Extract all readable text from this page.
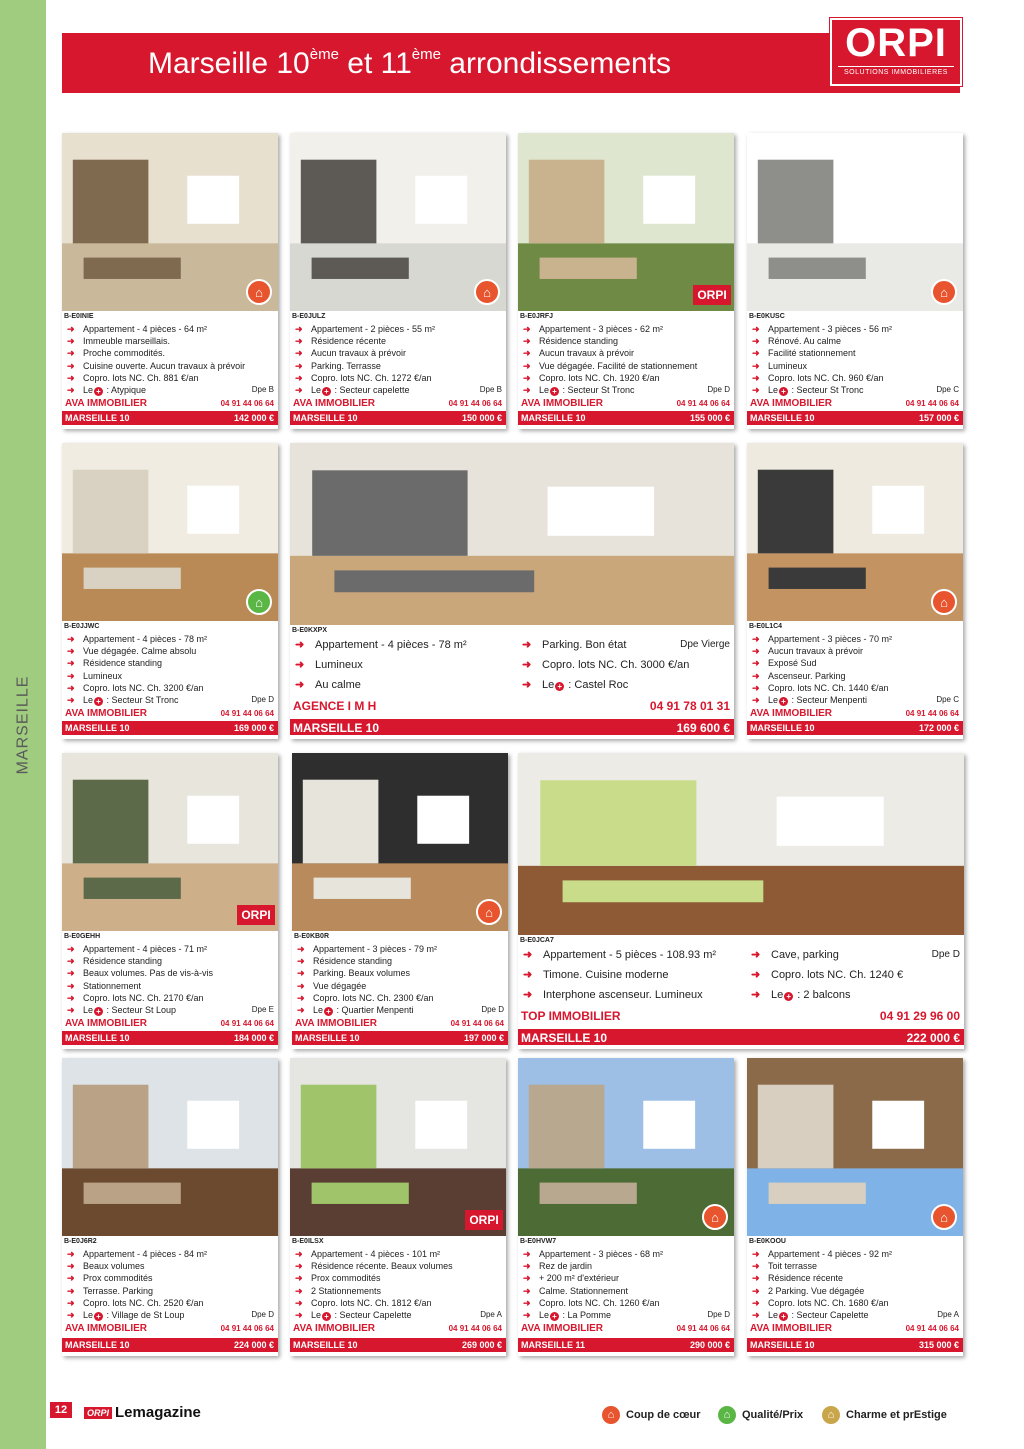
MARSEILLE
Marseille 10ème et 11ème arrondissements	ORPI
SOLUTIONS IMMOBILIERES
⌂
B-E0INIE
➜ Appartement - 4 pièces - 64 m²
➜ Immeuble marseillais.
➜ Proche commodités.
➜ Cuisine ouverte. Aucun travaux à prévoir
➜ Copro. lots NC. Ch. 881 €/an
➜ Le + : Atypique	Dpe B
AVA IMMOBILIER	04 91 44 06 64
MARSEILLE 10	142 000 €
⌂
B-E0JULZ
➜ Appartement - 2 pièces - 55 m²
➜ Résidence récente
➜ Aucun travaux à prévoir
➜ Parking. Terrasse
➜ Copro. lots NC. Ch. 1272 €/an
➜ Le + : Secteur capelette	Dpe B
AVA IMMOBILIER	04 91 44 06 64
MARSEILLE 10	150 000 €
ORPI
B-E0JRFJ
➜ Appartement - 3 pièces - 62 m²
➜ Résidence standing
➜ Aucun travaux à prévoir
➜ Vue dégagée. Facilité de stationnement
➜ Copro. lots NC. Ch. 1920 €/an
➜ Le + : Secteur St Tronc	Dpe D
AVA IMMOBILIER	04 91 44 06 64
MARSEILLE 10	155 000 €
⌂
B-E0KUSC
➜ Appartement - 3 pièces - 56 m²
➜ Rénové. Au calme
➜ Facilité stationnement
➜ Lumineux
➜ Copro. lots NC. Ch. 960 €/an
➜ Le + : Secteur St Tronc	Dpe C
AVA IMMOBILIER	04 91 44 06 64
MARSEILLE 10	157 000 €
⌂
B-E0JJWC
➜ Appartement - 4 pièces - 78 m²
➜ Vue dégagée. Calme absolu
➜ Résidence standing
➜ Lumineux
➜ Copro. lots NC. Ch. 3200 €/an
➜ Le + : Secteur St Tronc	Dpe D
AVA IMMOBILIER	04 91 44 06 64
MARSEILLE 10	169 000 €
B-E0KXPX
➜ Appartement - 4 pièces - 78 m²
➜ Lumineux
➜ Au calme
➜ Parking. Bon état
➜ Copro. lots NC. Ch. 3000 €/an
➜ Le + : Castel Roc
Dpe Vierge
AGENCE I M H	04 91 78 01 31
MARSEILLE 10	169 600 €
⌂
B-E0L1C4
➜ Appartement - 3 pièces - 70 m²
➜ Aucun travaux à prévoir
➜ Exposé Sud
➜ Ascenseur. Parking
➜ Copro. lots NC. Ch. 1440 €/an
➜ Le + : Secteur Menpenti	Dpe C
AVA IMMOBILIER	04 91 44 06 64
MARSEILLE 10	172 000 €
ORPI
B-E0GEHH
➜ Appartement - 4 pièces - 71 m²
➜ Résidence standing
➜ Beaux volumes. Pas de vis-à-vis
➜ Stationnement
➜ Copro. lots NC. Ch. 2170 €/an
➜ Le + : Secteur St Loup	Dpe E
AVA IMMOBILIER	04 91 44 06 64
MARSEILLE 10	184 000 €
⌂
B-E0KB0R
➜ Appartement - 3 pièces - 79 m²
➜ Résidence standing
➜ Parking. Beaux volumes
➜ Vue dégagée
➜ Copro. lots NC. Ch. 2300 €/an
➜ Le + : Quartier Menpenti	Dpe D
AVA IMMOBILIER	04 91 44 06 64
MARSEILLE 10	197 000 €
B-E0JCA7
➜ Appartement - 5 pièces - 108.93 m²
➜ Timone. Cuisine moderne
➜ Interphone ascenseur. Lumineux
➜ Cave, parking
➜ Copro. lots NC. Ch. 1240 €
➜ Le + : 2 balcons
Dpe D
TOP IMMOBILIER	04 91 29 96 00
MARSEILLE 10	222 000 €
B-E0J6R2
➜ Appartement - 4 pièces - 84 m²
➜ Beaux volumes
➜ Prox commodités
➜ Terrasse. Parking
➜ Copro. lots NC. Ch. 2520 €/an
➜ Le + : Village de St Loup	Dpe D
AVA IMMOBILIER	04 91 44 06 64
MARSEILLE 10	224 000 €
ORPI
B-E0ILSX
➜ Appartement - 4 pièces - 101 m²
➜ Résidence récente. Beaux volumes
➜ Prox commodités
➜ 2 Stationnements
➜ Copro. lots NC. Ch. 1812 €/an
➜ Le + : Secteur Capelette	Dpe A
AVA IMMOBILIER	04 91 44 06 64
MARSEILLE 10	269 000 €
⌂
B-E0HVW7
➜ Appartement - 3 pièces - 68 m²
➜ Rez de jardin
➜ + 200 m² d'extérieur
➜ Calme. Stationnement
➜ Copro. lots NC. Ch. 1260 €/an
➜ Le + : La Pomme	Dpe D
AVA IMMOBILIER	04 91 44 06 64
MARSEILLE 11	290 000 €
⌂
B-E0KOOU
➜ Appartement - 4 pièces - 92 m²
➜ Toit terrasse
➜ Résidence récente
➜ 2 Parking. Vue dégagée
➜ Copro. lots NC. Ch. 1680 €/an
➜ Le + : Secteur Capelette	Dpe A
AVA IMMOBILIER	04 91 44 06 64
MARSEILLE 10	315 000 €
12	ORPI Lemagazine	⌂	Coup de cœur	⌂	Qualité/Prix	⌂	Charme et prEstige
